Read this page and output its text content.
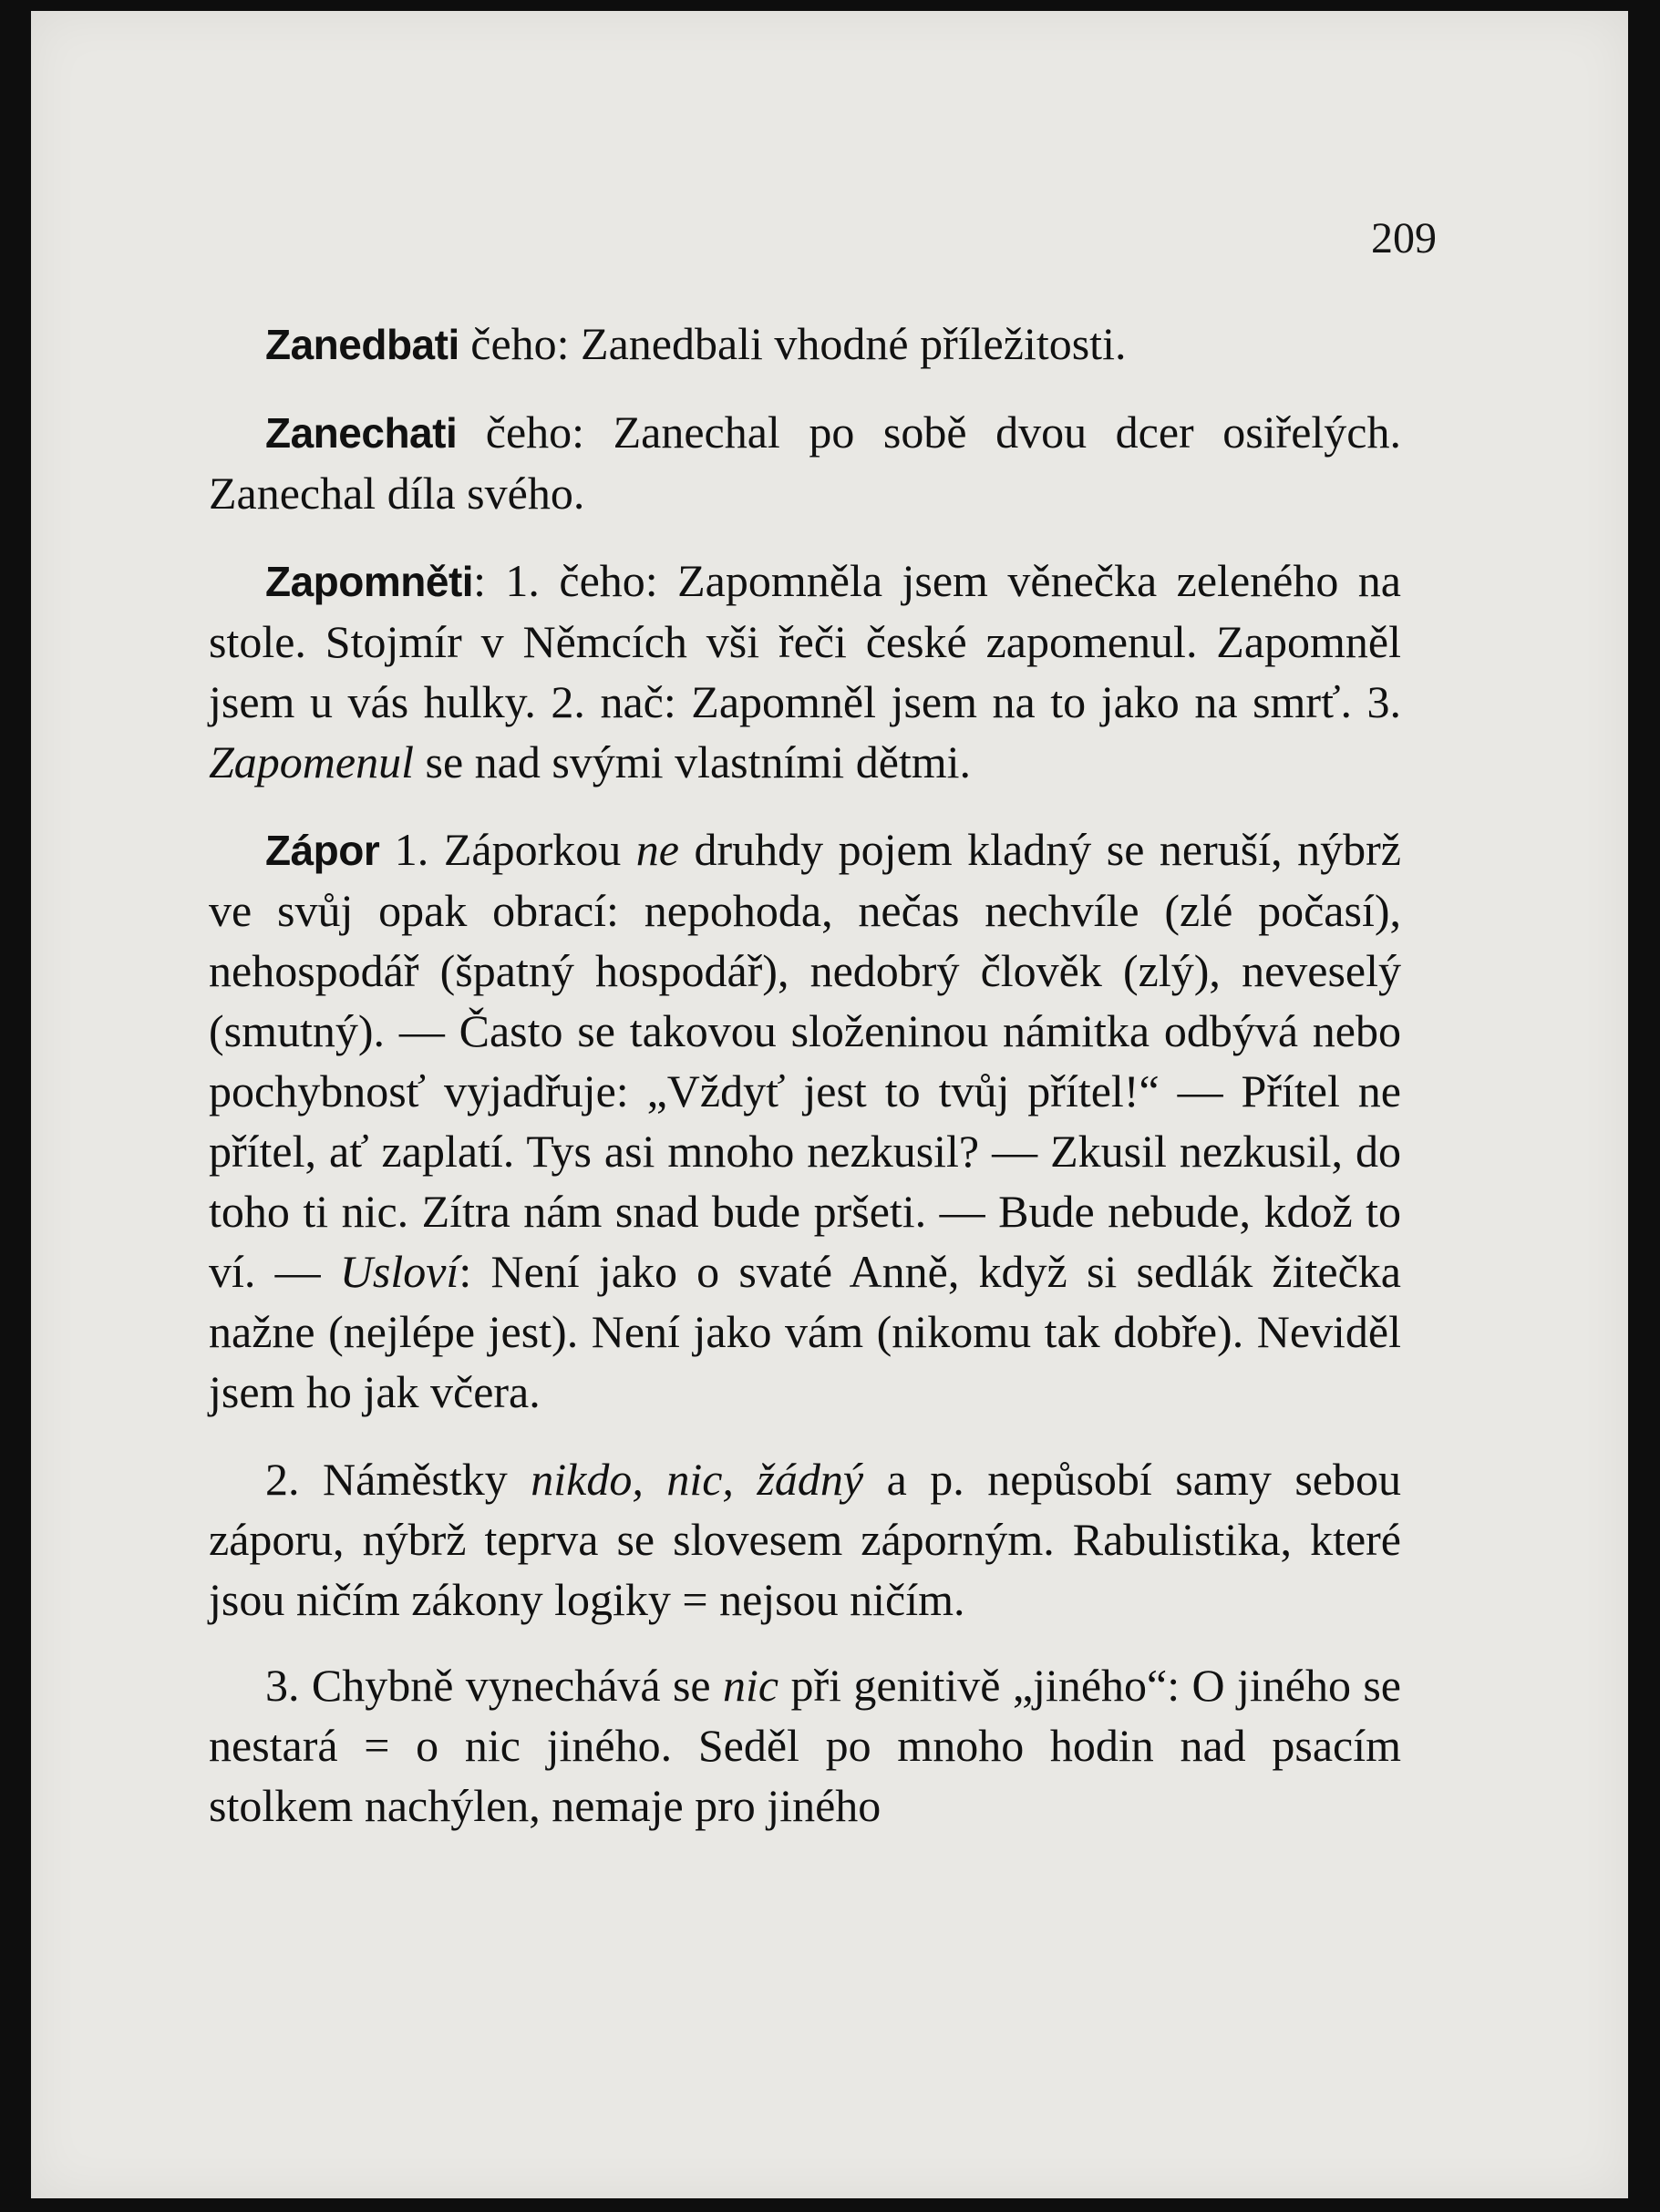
209

Zanedbati čeho: Zanedbali vhodné příležitosti.

Zanechati čeho: Zanechal po sobě dvou dcer osiřelých. Zanechal díla svého.

Zapomněti: 1. čeho: Zapomněla jsem věnečka zeleného na stole. Stojmír v Němcích vši řeči české zapomenul. Zapomněl jsem u vás hulky. 2. nač: Zapomněl jsem na to jako na smrť. 3. Zapomenul se nad svými vlastními dětmi.

Zápor 1. Záporkou ne druhdy pojem kladný se neruší, nýbrž ve svůj opak obrací: nepohoda, nečas nechvíle (zlé počasí), nehospodář (špatný hospodář), nedobrý člověk (zlý), neveselý (smutný). — Často se takovou složeninou námitka odbývá nebo pochybnosť vyjadřuje: „Vždyť jest to tvůj přítel!“ — Přítel ne přítel, ať zaplatí. Tys asi mnoho nezkusil? — Zkusil nezkusil, do toho ti nic. Zítra nám snad bude pršeti. — Bude nebude, kdož to ví. — Usloví: Není jako o svaté Anně, když si sedlák žitečka nažne (nejlépe jest). Není jako vám (nikomu tak dobře). Neviděl jsem ho jak včera.

2. Náměstky nikdo, nic, žádný a p. nepůsobí samy sebou záporu, nýbrž teprva se slovesem záporným. Rabulistika, které jsou ničím zákony logiky = nejsou ničím.

3. Chybně vynechává se nic při genitivě „jiného“: O jiného se nestará = o nic jiného. Seděl po mnoho hodin nad psacím stolkem nachýlen, nemaje pro jiného
